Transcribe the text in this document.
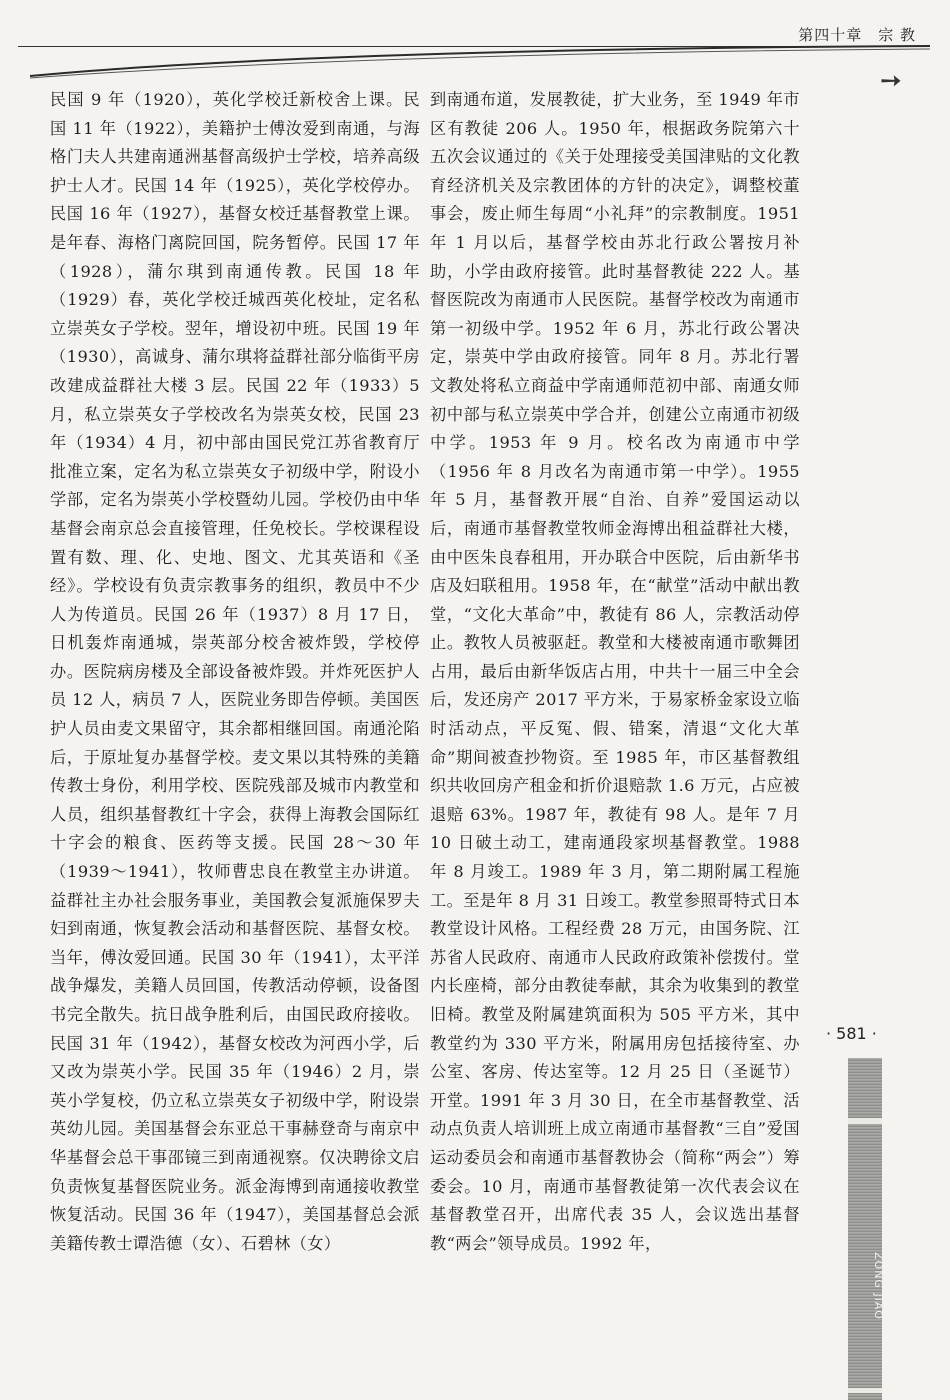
第四十章　宗 教
➙
民国 9 年（1920），英化学校迁新校舍上课。民国 11 年（1922），美籍护士傅汝爱到南通，与海格门夫人共建南通洲基督高级护士学校，培养高级护士人才。民国 14 年（1925），英化学校停办。民国 16 年（1927），基督女校迁基督教堂上课。是年春、海格门离院回国，院务暂停。民国 17 年（1928），蒲尔琪到南通传教。民国 18 年（1929）春，英化学校迁城西英化校址，定名私立崇英女子学校。翌年，增设初中班。民国 19 年（1930），高诚身、蒲尔琪将益群社部分临街平房改建成益群社大楼 3 层。民国 22 年（1933）5 月，私立崇英女子学校改名为崇英女校，民国 23 年（1934）4 月，初中部由国民党江苏省教育厅批准立案，定名为私立崇英女子初级中学，附设小学部，定名为崇英小学校暨幼儿园。学校仍由中华基督会南京总会直接管理，任免校长。学校课程设置有数、理、化、史地、图文、尤其英语和《圣经》。学校设有负责宗教事务的组织，教员中不少人为传道员。民国 26 年（1937）8 月 17 日，日机轰炸南通城，崇英部分校舍被炸毁，学校停办。医院病房楼及全部设备被炸毁。并炸死医护人员 12 人，病员 7 人，医院业务即告停顿。美国医护人员由麦文果留守，其余都相继回国。南通沦陷后，于原址复办基督学校。麦文果以其特殊的美籍传教士身份，利用学校、医院残部及城市内教堂和人员，组织基督教红十字会，获得上海教会国际红十字会的粮食、医药等支援。民国 28～30 年（1939～1941），牧师曹忠良在教堂主办讲道。益群社主办社会服务事业，美国教会复派施保罗夫妇到南通，恢复教会活动和基督医院、基督女校。当年，傅汝爱回通。民国 30 年（1941），太平洋战争爆发，美籍人员回国，传教活动停顿，设备图书完全散失。抗日战争胜利后，由国民政府接收。民国 31 年（1942），基督女校改为河西小学，后又改为崇英小学。民国 35 年（1946）2 月，崇英小学复校，仍立私立崇英女子初级中学，附设崇英幼儿园。美国基督会东亚总干事赫登奇与南京中华基督会总干事邵镜三到南通视察。仅决聘徐文启负责恢复基督医院业务。派金海博到南通接收教堂恢复活动。民国 36 年（1947），美国基督总会派美籍传教士谭浩德（女）、石碧林（女）
到南通布道，发展教徒，扩大业务，至 1949 年市区有教徒 206 人。1950 年，根据政务院第六十五次会议通过的《关于处理接受美国津贴的文化教育经济机关及宗教团体的方针的决定》，调整校董事会，废止师生每周“小礼拜”的宗教制度。1951 年 1 月以后，基督学校由苏北行政公署按月补助，小学由政府接管。此时基督教徒 222 人。基督医院改为南通市人民医院。基督学校改为南通市第一初级中学。1952 年 6 月，苏北行政公署决定，崇英中学由政府接管。同年 8 月。苏北行署文教处将私立商益中学南通师范初中部、南通女师初中部与私立崇英中学合并，创建公立南通市初级中学。1953 年 9 月。校名改为南通市中学（1956 年 8 月改名为南通市第一中学）。1955 年 5 月，基督教开展“自治、自养”爱国运动以后，南通市基督教堂牧师金海博出租益群社大楼，由中医朱良春租用，开办联合中医院，后由新华书店及妇联租用。1958 年，在“献堂”活动中献出教堂，“文化大革命”中，教徒有 86 人，宗教活动停止。教牧人员被驱赶。教堂和大楼被南通市歌舞团占用，最后由新华饭店占用，中共十一届三中全会后，发还房产 2017 平方米，于易家桥金家设立临时活动点，平反冤、假、错案，清退“文化大革命”期间被查抄物资。至 1985 年，市区基督教组织共收回房产租金和折价退赔款 1.6 万元，占应被退赔 63%。1987 年，教徒有 98 人。是年 7 月 10 日破土动工，建南通段家坝基督教堂。1988 年 8 月竣工。1989 年 3 月，第二期附属工程施工。至是年 8 月 31 日竣工。教堂参照哥特式日本教堂设计风格。工程经费 28 万元，由国务院、江苏省人民政府、南通市人民政府政策补偿拨付。堂内长座椅，部分由教徒奉献，其余为收集到的教堂旧椅。教堂及附属建筑面积为 505 平方米，其中教堂约为 330 平方米，附属用房包括接待室、办公室、客房、传达室等。12 月 25 日（圣诞节）开堂。1991 年 3 月 30 日，在全市基督教堂、活动点负责人培训班上成立南通市基督教“三自”爱国运动委员会和南通市基督教协会（简称“两会”）筹委会。10 月，南通市基督教徒第一次代表会议在基督教堂召开，出席代表 35 人，会议选出基督教“两会”领导成员。1992 年，
· 581 ·
ZONG JIAO
